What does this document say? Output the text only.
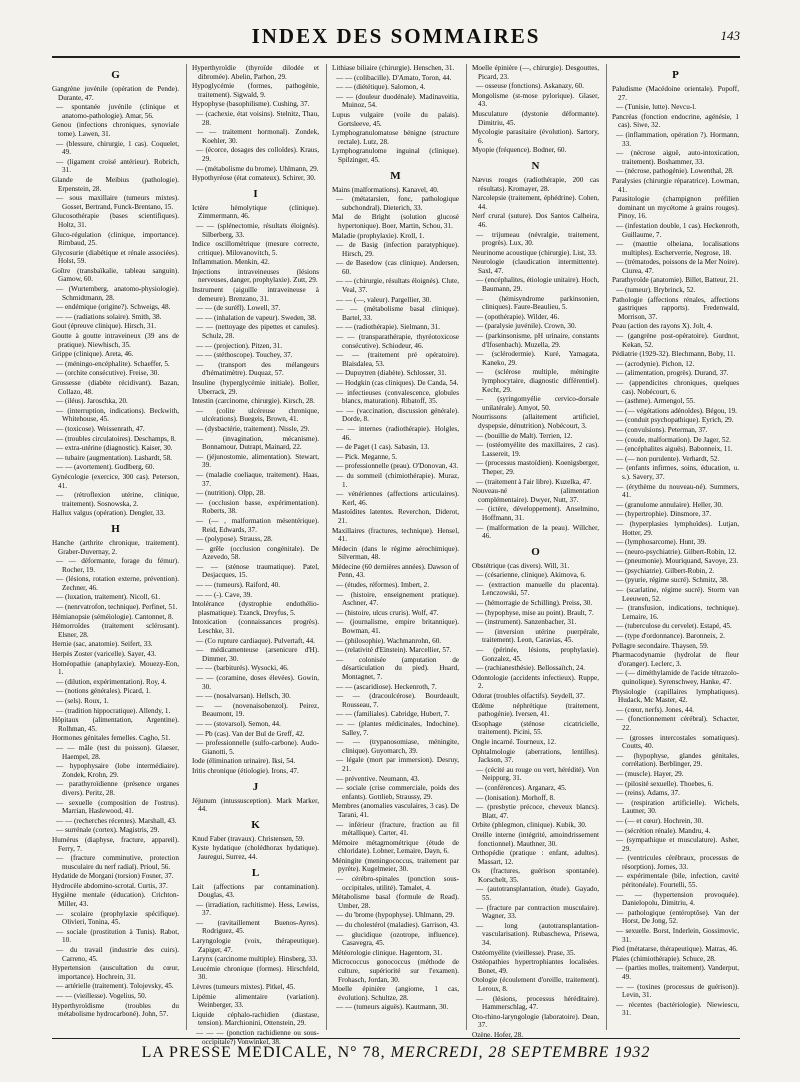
INDEX DES SOMMAIRES	143
G
Gangrène juvénile (opération de Pende). Durante, 47.
— spontanée juvénile (clinique et anatomo-pathologie). Amar, 56.
Genou (infections chroniques, synoviale tome). Lawen, 31.
— (blessure, chirurgie, 1 cas). Coquelet, 49.
— (ligament croisé antérieur). Robrich, 31.
Glande de Meibius (pathologie). Erpenstein, 28.
— sous maxillaire (tumeurs mixtes). Gosset, Bertrand, Funck-Brentano, 15.
Glucosothérapie (bases scientifiques). Holtz, 31.
Gluco-régulation (clinique, importance). Rimbaud, 25.
Glycosurie (diabétique et rénale associées). Holst, 59.
Goître (transbaïkalie, tableau sanguin). Gamow, 60.
— (Wurtemberg, anatomo-physiologie). Schmidtmann, 28.
— endémique (origine?). Schweigs, 48.
— — (radiations solaire). Smith, 38.
Gout (épreuve clinique). Hirsch, 31.
Goutte à goutte intraveineux (39 ans de pratique). Niewhisch, 35.
Grippe (clinique). Areta, 46.
— (méningo-encéphalite). Schaeffer, 5.
— (orchite consécutive). Freise, 30.
Grossesse (diabète récidivant). Bazan, Collazo, 48.
— (iléus). Jaroschka, 20.
— (interruption, indications). Beckwith, Whitehouse, 45.
— (toxicose). Weissenrath, 47.
— (troubles circulatoires). Deschamps, 8.
— extra-utérine (diagnostic). Kaiser, 30.
— tubaire (augmentation). Lashardt, 58.
— — (avortement). Gudlberg, 60.
Gynécologie (exercice, 300 cas). Peterson, 41.
— (rétroflexion utérine, clinique, traitement). Sosnowska, 2.
Hallux valgus (opération). Dengler, 33.
H
Hanche (arthrite chronique, traitement). Graber-Duvernay, 2.
— — déformante, forage du fémur). Rocher, 19.
— (lésions, rotation externe, prévention). Zechner, 46.
— (luxation, traitement). Nicoll, 61.
— (nenrvatrofon, technique). Perfinet, 51.
Hémianopsie (séméiologie). Cantonnet, 8.
Hémorroïdes (traitement sclérosant). Elsner, 28.
Hernie (sac, anatomie). Seifert, 33.
Herpès Zoster (varicelle). Sayer, 43.
Homéopathie (anaphylaxie). Mouezy-Eon, 1.
— (dilution, expérimentation). Roy, 4.
— (notions générales). Picard, 1.
— (sels). Roux, 1.
— (tradition hippocratique). Allendy, 1.
Hôpitaux (alimentation, Argentine). Rolhman, 45.
Hormones génitales femelles. Cagho, 51.
— — mâle (test du poisson). Glaeser, Haempel, 28.
— hypophysaire (lobe intermédiaire). Zondek, Krohn, 29.
— parathyroïdienne (présence organes divers). Peritz, 28.
— sexuelle (composition de l'ostrus). Marrian, Haslewood, 41.
— — (recherches récentes). Marshall, 43.
— surrénale (cortex). Magistris, 29.
Humérus (diaphyse, fracture, appareil). Ferry, 7.
— (fracture comminutive, protection musculaire du nerf radial). Prioul, 56.
Hydatide de Morgani (torsion) Fosner, 37.
Hydrocèle abdomino-scrotal. Curtis, 37.
Hygiène mentale (éducation). Crichton-Miller, 43.
— scolaire (prophylaxie spécifique). Olivieri, Tonina, 45.
— sociale (prostitution à Tunis). Rabot, 10.
— du travail (industrie des cuirs). Carreno, 45.
Hypertension (auscultation du cœur, importance). Hochrein, 31.
— artérielle (traitement). Tolojevsky, 45.
— — (vieillesse). Vogelius, 50.
Hyperthyroïdisme (troubles du métabolisme hydrocarboné). John, 57.
Hyperthyroïdie (thyroïde dilodée et dibromée). Abelin, Parhon, 29.
Hypoglycémie (formes, pathogénie, traitement). Sigwald, 9.
Hypophyse (basophilisme). Cushing, 37.
— (cachexie, état voisins). Stelnitz, Thau, 28.
— — traitement hormonal). Zondek, Koehler, 30.
— (écorce, dosages des colloïdes). Kraus, 29.
— (métabolisme du brome). Uhlmann, 29.
Hypothyréose (état comateux). Schirer, 30.
I
Ictère hémolytique (clinique). Zimmermann, 46.
— — (splénectomie, résultats éloignés). Silberberg, 33.
Indice oscillométrique (mesure correcte, critique). Milovanovitch, 5.
Inflammation. Menkin, 42.
Injections intraveineuses (lésions nerveuses, danger, prophylaxie). Zutt, 29.
Instrument (aiguille intraveineuse à demeure). Brenzano, 31.
— — (de suréfl). Lowell, 37.
— — (inhalation de vapeur). Sweden, 38.
— — (nettoyage des pipettes et canules). Schulz, 28.
— — (projection). Pitzen, 31.
— — (stéthoscope). Touchey, 37.
— (transport des mélangeurs d'hématimètre). Duquaz, 57.
Insuline (hyperglycémie initiale). Boller, Uberrack, 29.
Intestin (carcinome, chirurgie). Kirsch, 28.
— (colite ulcéreuse chronique, ulcérations). Buegeis, Brown, 41.
— (dysbactérie, traitement). Nissle, 29.
— (invagination, mécanisme). Bonnamour, Dutrapt, Mainard, 22.
— (jéjunostomie, alimentation). Stewart, 39.
— (maladie coeliaque, traitement). Haas, 37.
— (nutrition). Olpp, 28.
— (occlusion basse, expérimentation). Roberts, 38.
— (— , malformation mésentérique). Reid, Edwards, 37.
— (polypose). Strauss, 28.
— grêle (occlusion congénitale). De Azevedo, 58.
— — (sténose traumatique). Patel, Desjacques, 15.
— — (tumeurs). Raiford, 40.
— — (-). Cave, 39.
Intolérance (dystrophie endothélio-plasmatique). Tzanck, Dreyfus, 5.
Intoxication (connaissances progrès). Leschke, 31.
— (Co rupture cardiaque). Pulvertaft, 44.
— médicamenteuse (arsenicure d'H). Dimmer, 30.
— — (barbiturés). Wysocki, 46.
— — (coramine, doses élevées). Gowin, 30.
— — (nosalvarsan). Hellsch, 30.
— — (novenaisobenzol). Peirez, Beaumont, 19.
— — (stovarsol). Semon, 44.
— Pb (cas). Van der Bul de Greff, 42.
— professionnelle (sulfo-carbone). Audo-Gianotti, 5.
Iode (élimination urinaire). Iksi, 54.
Iritis chronique (étiologie). Irons, 47.
J
Jéjunum (intussusception). Mark Marker, 44.
K
Knud Faber (travaux). Christensen, 59.
Kyste hydatique (cholédhorax hydatique). Jauregui, Surrez, 44.
L
Lait (affections par contamination). Douglas, 43.
— (irradiation, rachitisme). Hess, Lewiss, 37.
— (ravitaillement Buenos-Ayres). Rodriguez, 45.
Laryngologie (voix, thérapeutique). Zapiger, 47.
Larynx (carcinome multiple). Hinsberg, 33.
Leucémie chronique (formes). Hirschfeld, 30.
Lèvres (tumeurs mixtes). Pitkel, 45.
Lipémie alimentaire (variation). Weinberger, 33.
Liquide céphalo-rachidien (diastase, tension). Marchionini, Ottenstein, 29.
— — — (ponction rachidienne ou sous-occipitale?) Vonwinkel, 38.
Lithiase biliaire (chirurgie). Henschen, 31.
— — (colibacille). D'Amato, Toron, 44.
— — (diététique). Salomon, 4.
— — (douleur duodénale). Madinaveitia, Muinoz, 54.
Lupus vulgaire (voile du palais). Gortsleeve, 45.
Lymphogranulomatose bénigne (structure rectale). Lutz, 28.
Lymphogranulome inguinal (clinique). Spilzinger, 45.
M
Mains (malformations). Kanavel, 40.
— (métatarsien, fonc, pathologique subchondral). Dieterich, 33.
Mal de Bright (solution glucosé hypertonique). Boer, Martin, Schou, 31.
Maladie (prophylaxie). Kroll, 1.
— de Basig (infection paratyphique). Hirsch, 29.
— de Basedow (cas clinique). Andersen, 60.
— — (chirurgie, résultats éloignés). Clute, Veal, 37.
— — (—, valeur). Pargellier, 30.
— — (métabolisme basal clinique). Bartel, 33.
— — (radiothérapie). Sielmann, 31.
— — (transparathérapie, thyréotoxicose consécutive). Schiodeur, 46.
— — (traitement pré opératoire). Blaisdalea, 53.
— Dupuytren (diabète). Schlosser, 31.
— Hodgkin (cas cliniques). De Canda, 54.
— infectieuses (convalescence, globules blancs, maturation). Ribatoff, 35.
— — (vaccination, discussion générale). Dorde, 8.
— — internes (radiothérapie). Holgles, 46.
— de Paget (1 cas). Sabasin, 13.
— Pick. Meganne, 5.
— professionnelle (peau). O'Donovan, 43.
— du sommeil (chimiothérapie). Muraz, 1.
— vénériennes (affections articulaires). Kerl, 46.
Mastoïdites latentes. Reverchon, Diderot, 21.
Maxillaires (fractures, technique). Hensel, 41.
Médecin (dans le régime aérochimique). Silverman, 48.
Médecine (60 dernières années). Dawson of Penn, 43.
— (études, réformes). Imbert, 2.
— (histoire, enseignement pratique). Aschner, 47.
— (histoire, ulcus cruris). Wolf, 47.
— (journalisme, empire britannique). Bowman, 41.
— (philosophie). Wachmanrohn, 60.
— (relativité d'Einstein). Marcellier, 57.
— colonisée (amputation de désarticulation du pied). Huard, Montagnet, 7.
— — (ascaridiose). Heckenroth, 7.
— — (dracoulcérose). Bourdeault, Rousseau, 7.
— — (familiales). Cabridge, Hubert, 7.
— — (plantes médicinales, Indochine). Salley, 7.
— — (trypanosomiase, méningite, clinique). Guyomarch, 39.
— légale (mort par immersion). Desruy, 21.
— préventive. Neumann, 43.
— sociale (crise commerciale, poids des enfants). Gottlieb, Straussy, 29.
Membres (anomalies vasculaires, 3 cas). De Tarani, 41.
— inférieur (fracture, fraction au fil métallique). Carter, 41.
Mémoire métagmométrique (étude de chloridate). Lobner, Lemaire, Dayn, 6.
Méningite (meningococcus, traitement par pyrète). Kugelmeier, 30.
— cérébro-spinales (ponction sous-occipitales, utilité). Tamalet, 4.
Métabolisme basal (formule de Read). Umber, 28.
— du 'brome (hypophyse). Uhlmann, 29.
— du cholestérol (maladies). Garrison, 43.
— glucidique (ozotrope, influence). Casavegra, 45.
Météorologie clinique. Hagentorn, 31.
Micrococcus gonococcus (méthode de culture, supériorité sur l'examen). Frohasch, Jordan, 30.
Moelle épinière (angiome, 1 cas, évolution). Schultze, 28.
— — (tumeurs aiguës). Kautmann, 30.
Moelle épinière (—, chirurgie). Desgouttes, Picard, 23.
— osseuse (fonctions). Askanazy, 60.
Mongolisme (st-mose pylorique). Glaser, 43.
Musculature (dystonie déformante). Dimitriu, 45.
Mycologie parasitaire (évolution). Sartory, 6.
Myopie (fréquence). Bodner, 60.
N
Nævus rouges (radiothérapie, 200 cas résultats). Kromayer, 28.
Narcolepsie (traitement, éphédrine). Cohen, 44.
Nerf crural (suture). Dos Santos Calheira, 46.
— trijumeau (névralgie, traitement, progrès). Lux, 30.
Neurinome acoustique (chirurgie). List, 33.
Neurologie (claudication intermittente). Saxl, 47.
— (encéphalites, étiologie unitaire). Hoch, Baumann, 29.
— (hémisyndrome parkinsonien, cliniques). Faure-Beaulieu, 5.
— (opothérapie). Wilder, 46.
— (paralysie juvénile). Crown, 30.
— (parkinsonisme, pH urinaire, constants d'Ifosenbach). Muzella, 29.
— (sclérodermie). Kuré, Yamagata, Kaneko, 29.
— (sclérose multiple, méningite lymphocytaire, diagnostic différentiel). Kecht, 29.
— (syringomyélie cervico-dorsale unilatérale). Amyot, 50.
Nourrissons (allaitement artificiel, dyspepsie, dénutrition). Nobécourt, 3.
— (bouillie de Malt). Terrien, 12.
— (ostéomyélite des maxillaires, 2 cas). Lassereit, 19.
— (processus mastoïdien). Koenigsberger, Theper, 29.
— (traitement à l'air libre). Kuzelka, 47.
Nouveau-né (alimentation complémentaire). Dwyer, Nutt, 37.
— (ictère, développement). Anselmino, Hoffmann, 31.
— (malformation de la peau). Willcher, 46.
O
Obstétrique (cas divers). Will, 31.
— (césarienne, clinique). Akimova, 6.
— (extraction manuelle du placenta). Lenczowski, 57.
— (hémorragie de Schilling). Preiss, 30.
— (hypophyse, mise au point). Brault, 7.
— (instrument). Sanzenbacher, 31.
— (inversion utérine puerpérale, traitement). Leon, Caravias, 45.
— (périnée, lésions, prophylaxie). Gonzalez, 45.
— (rachianesthésie). Bellossaïtch, 24.
Odontologie (accidents infectieux). Ruppe, 2.
Odorat (troubles olfactifs). Seydell, 37.
Œdème néphrétique (traitement, pathogénie). Iversen, 41.
Œsophage (sténose cicatricielle, traitement). Picini, 55.
Ongle incarné. Tourneux, 12.
Ophtalmologie (aberrations, lentilles). Jackson, 37.
— (cécité au rouge ou vert, hérédité). Von Neippurg, 31.
— (conférences). Arganarz, 45.
— (lonisation). Morhoff, 8.
— (presbytie précoce, cheveux blancs). Blatt, 47.
Orbite (phlegmon, clinique). Kubik, 30.
Oreille interne (intégrité, amoindrissement fonctionnel). Mauthner, 30.
Orthopédie (pratique : enfant, adultes). Massart, 12.
Os (fractures, guérison spontanée). Korschelt, 35.
— (autotransplantation, étude). Gayado, 55.
— (fracture par contraction musculaire). Wagner, 33.
— long (autotransplantation-vascularisation). Rubaschewa, Prisewa, 34.
Ostéomyélite (vieillesse). Prase, 35.
Ostéopathies hypertrophiantes localisées. Bonet, 49.
Otologie (écoulement d'oreille, traitement). Leroux, 8.
— (lésions, processus héréditaire). Hammerschlag, 47.
Oto-rhino-laryngologie (laboratoire). Dean, 37.
Ozène. Hofer, 28.
P
Paludisme (Macédoine orientale). Popoff, 27.
— (Tunisie, lutte). Nevcu-l.
Pancréas (fonction endocrine, agénésie, 1 cas). Siwe, 32.
— (inflammation, opération ?). Hormann, 33.
— (nécrose aiguë, auto-intoxication, traitement). Boshammer, 33.
— (nécrose, pathogénie). Lowenthal, 28.
Paralysies (chirurgie réparatrice). Lowman, 41.
Parasitologie (champignon préfilien dominant un mycétome à grains rouges). Pinoy, 16.
— (infestation double, 1 cas). Heckenroth, Guillaume, 7.
— (mauttie olheiana, localisations multiples). Escherverrie, Negrose, 18.
— (trématodes, poissons de la Mer Noire). Ciurea, 47.
Parathyroïde (anatomie). Billet, Batteur, 21.
— (tumeur). Brybrinck, 52.
Pathologie (affections rénales, affections gastriques rapports). Fredenwald, Morrison, 37.
Peau (action des rayons X). Jolt, 4.
— (gangrène post-opératoire). Gurdnot, Kekan, 52.
Pédiatrie (1929-32). Blechmann, Boby, 11.
— (acrodynie). Pichon, 12.
— (alimentation, progrès). Durand, 37.
— (appendicites chroniques, quelques cas). Nobécourt, 6.
— (asthme). Armengol, 55.
— (— végétations adénoïdes). Bégou, 19.
— (conduit psychopathique). Eyrich, 29.
— (convulsions). Peterman, 37.
— (coude, malformation). De Jager, 52.
— (encéphalites aiguës). Babonneix, 11.
— (— non purulente). Verhardt, 52.
— (enfants infirmes, soins, éducation, u. s.). Savery, 37.
— (érythème du nouveau-né). Summers, 41.
— (granulome annulaire). Heller, 30.
— (hypertrophie). Dinsmore, 37.
— (hyperplasies lymphoïdes). Lutjan, Hotter, 29.
— (lymphosarcome). Hunt, 39.
— (neuro-psychiatrie). Gilbert-Robin, 12.
— (pneumonie). Mouriquand, Savoye, 23.
— (psychiatrie). Gilbert-Robin, 2.
— (pyurie, régime sucré). Schmitz, 38.
— (scarlatine, régime sucré). Storm van Leeuwen, 52.
— (transfusion, indications, technique). Lemaire, 16.
— (tuberculose du cervelet). Estapé, 45.
— (type d'ordonnance). Baronneix, 2.
Pellagre secondaire. Thaysen, 59.
Pharmacodynamie (hydrolat de fleur d'oranger). Leclerc, 3.
— (— diméthylamide de l'acide tétrazolo-quinolique). Syrenschwey, Hanke, 47.
Physiologie (capillaires lymphatiques). Hudack, Mc Master, 42.
— (cœur, nerfs). Jones, 44.
— (fonctionnement cérébral). Schacter, 22.
— (grosses intercostales somatiques). Coutts, 40.
— (hypophyse, glandes génitales, corrélation). Berblinger, 29.
— (muscle). Hayer, 29.
— (pilosité sexuelle). Thoebes, 6.
— (reins). Adams, 37.
— (respiration artificielle). Wichels, Lautner, 30.
— (— et cœur). Hochrein, 30.
— (sécrétion rénale). Mandru, 4.
— (sympathique et musculature). Asher, 29.
— (ventricules cérébraux, processus de résorption). Jornes, 33.
— expérimentale (bile, infection, cavité péritonéale). Fourtelli, 55.
— — (hypertension provoquée). Danielopolu, Dimitriu, 4.
— pathologique (entéroptôse). Van der Horst, De Jong, 52.
— sexuelle. Borst, Inderlein, Gossimovic, 31.
Pied (métatarse, thérapeutique). Matras, 46.
Plaies (chimiothérapie). Schuce, 28.
— (parties molles, traitement). Vanderput, 49.
— — (toxines (processus de guérison)). Levin, 31.
— récentes (bactériologie). Niewiescu, 31.
LA PRESSE MEDICALE, N° 78, MERCREDI, 28 SEPTEMBRE 1932
